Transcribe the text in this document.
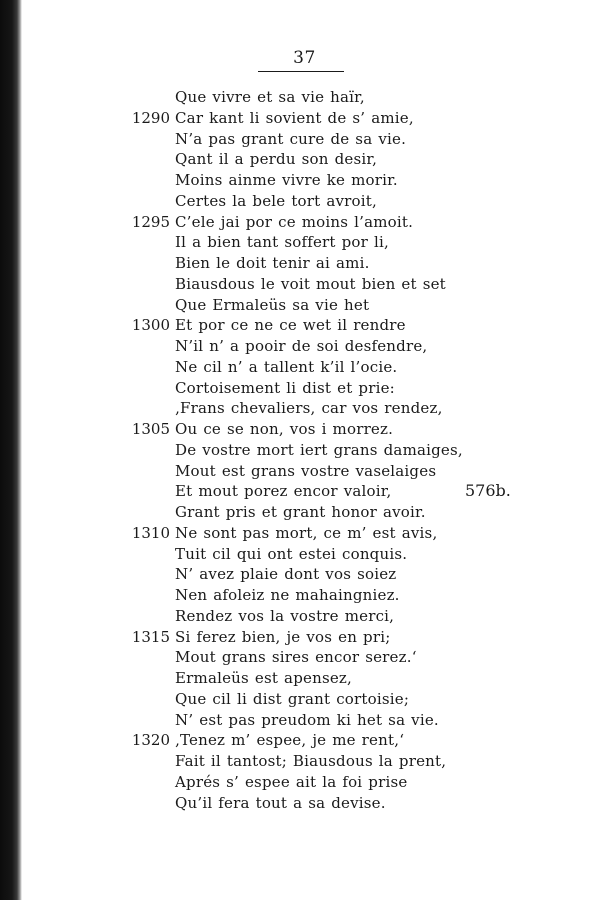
37
Que vivre et sa vie haïr,
1290 Car kant li sovient de s’ amie,
N’a pas grant cure de sa vie.
Qant il a perdu son desir,
Moins ainme vivre ke morir.
Certes la bele tort avroit,
1295 C’ele jai por ce moins l’amoit.
Il a bien tant soffert por li,
Bien le doit tenir ai ami.
Biausdous le voit mout bien et set
Que Ermaleüs sa vie het
1300 Et por ce ne ce wet il rendre
N’il n’ a pooir de soi desfendre,
Ne cil n’ a tallent k’il l’ocie.
Cortoisement li dist et prie:
‚Frans chevaliers, car vos rendez,
1305 Ou ce se non, vos i morrez.
De vostre mort iert grans damaiges,
Mout est grans vostre vaselaiges
Et mout porez encor valoir,	576b.
Grant pris et grant honor avoir.
1310 Ne sont pas mort, ce m’ est avis,
Tuit cil qui ont estei conquis.
N’ avez plaie dont vos soiez
Nen afoleiz ne mahaingniez.
Rendez vos la vostre merci,
1315 Si ferez bien, je vos en pri;
Mout grans sires encor serez.‘
Ermaleüs est apensez,
Que cil li dist grant cortoisie;
N’ est pas preudom ki het sa vie.
1320 ‚Tenez m’ espee, je me rent,‘
Fait il tantost; Biausdous la prent,
Aprés s’ espee ait la foi prise
Qu’il fera tout a sa devise.
